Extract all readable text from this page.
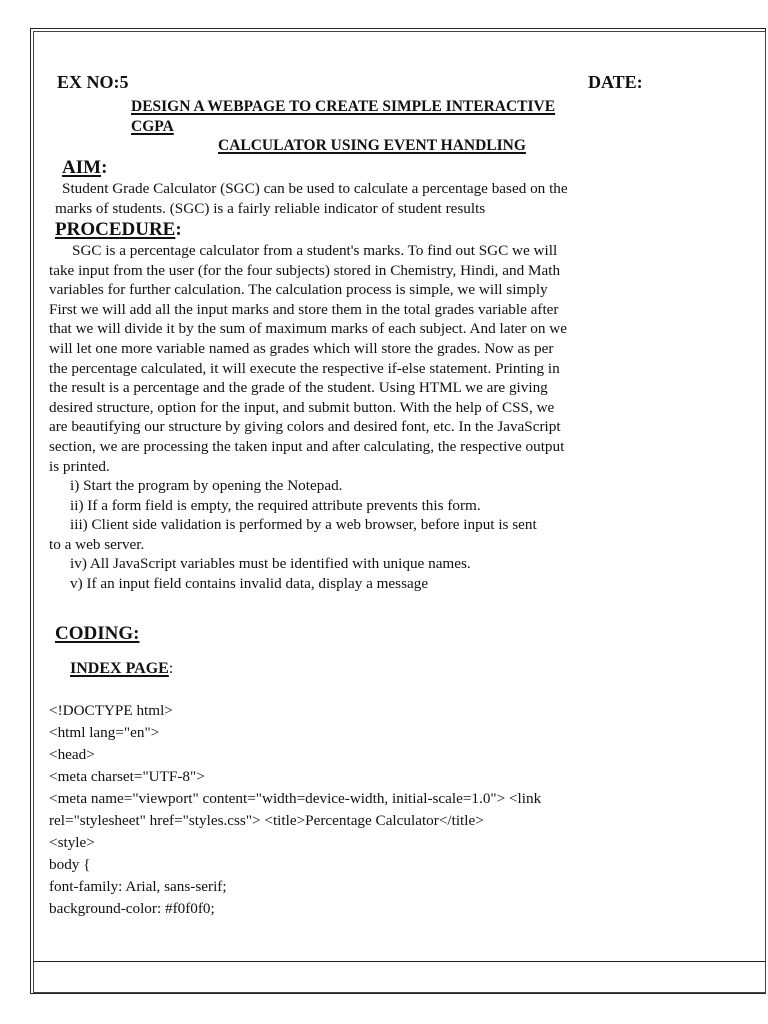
EX NO:5	DATE:
DESIGN A WEBPAGE TO CREATE SIMPLE INTERACTIVE
CGPA
CALCULATOR USING EVENT HANDLING
AIM:
Student Grade Calculator (SGC) can be used to calculate a percentage based on the
marks of students. (SGC) is a fairly reliable indicator of student results
PROCEDURE:
SGC is a percentage calculator from a student's marks. To find out SGC we will
take input from the user (for the four subjects) stored in Chemistry, Hindi, and Math
variables for further calculation. The calculation process is simple, we will simply
First we will add all the input marks and store them in the total grades variable after
that we will divide it by the sum of maximum marks of each subject. And later on we
will let one more variable named as grades which will store the grades. Now as per
the percentage calculated, it will execute the respective if-else statement. Printing in
the result is a percentage and the grade of the student. Using HTML we are giving
desired structure, option for the input, and submit button. With the help of CSS, we
are beautifying our structure by giving colors and desired font, etc. In the JavaScript
section, we are processing the taken input and after calculating, the respective output
is printed.
i) Start the program by opening the Notepad.
ii) If a form field is empty, the required attribute prevents this form.
iii) Client side validation is performed by a web browser, before input is sent
to a web server.
iv) All JavaScript variables must be identified with unique names.
v) If an input field contains invalid data, display a message
CODING:
INDEX PAGE:
<!DOCTYPE html>
<html lang="en">
<head>
<meta charset="UTF-8">
<meta name="viewport" content="width=device-width, initial-scale=1.0"> <link
rel="stylesheet" href="styles.css"> <title>Percentage Calculator</title>
<style>
body {
font-family: Arial, sans-serif;
background-color: #f0f0f0;
